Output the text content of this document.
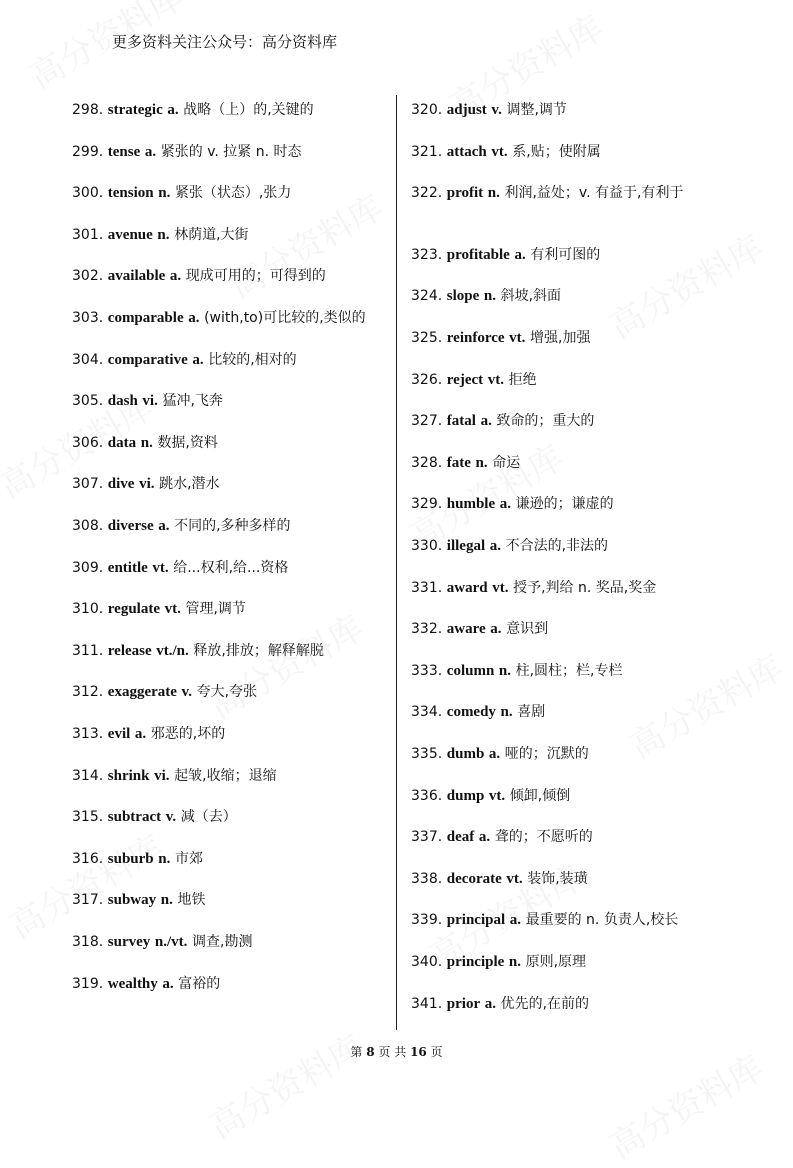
更多资料关注公众号：高分资料库
298. strategic a. 战略（上）的,关键的
299. tense a. 紧张的 v. 拉紧 n. 时态
300. tension n. 紧张（状态）,张力
301. avenue n. 林荫道,大街
302. available a. 现成可用的；可得到的
303. comparable a. (with,to)可比较的,类似的
304. comparative a. 比较的,相对的
305. dash vi. 猛冲,飞奔
306. data n. 数据,资料
307. dive vi. 跳水,潜水
308. diverse a. 不同的,多种多样的
309. entitle vt. 给...权利,给...资格
310. regulate vt. 管理,调节
311. release vt./n. 释放,排放；解释解脱
312. exaggerate v. 夸大,夸张
313. evil a. 邪恶的,坏的
314. shrink vi. 起皱,收缩；退缩
315. subtract v. 减（去）
316. suburb n. 市郊
317. subway n. 地铁
318. survey n./vt. 调查,勘测
319. wealthy a. 富裕的
320. adjust v. 调整,调节
321. attach vt. 系,贴；使附属
322. profit n. 利润,益处；v. 有益于,有利于
323. profitable a. 有利可图的
324. slope n. 斜坡,斜面
325. reinforce vt. 增强,加强
326. reject vt. 拒绝
327. fatal a. 致命的；重大的
328. fate n. 命运
329. humble a. 谦逊的；谦虚的
330. illegal a. 不合法的,非法的
331. award vt. 授予,判给 n. 奖品,奖金
332. aware a. 意识到
333. column n. 柱,圆柱；栏,专栏
334. comedy n. 喜剧
335. dumb a. 哑的；沉默的
336. dump vt. 倾卸,倾倒
337. deaf a. 聋的；不愿听的
338. decorate vt. 装饰,装璜
339. principal a. 最重要的 n. 负责人,校长
340. principle n. 原则,原理
341. prior a. 优先的,在前的
第 8 页 共 16 页
